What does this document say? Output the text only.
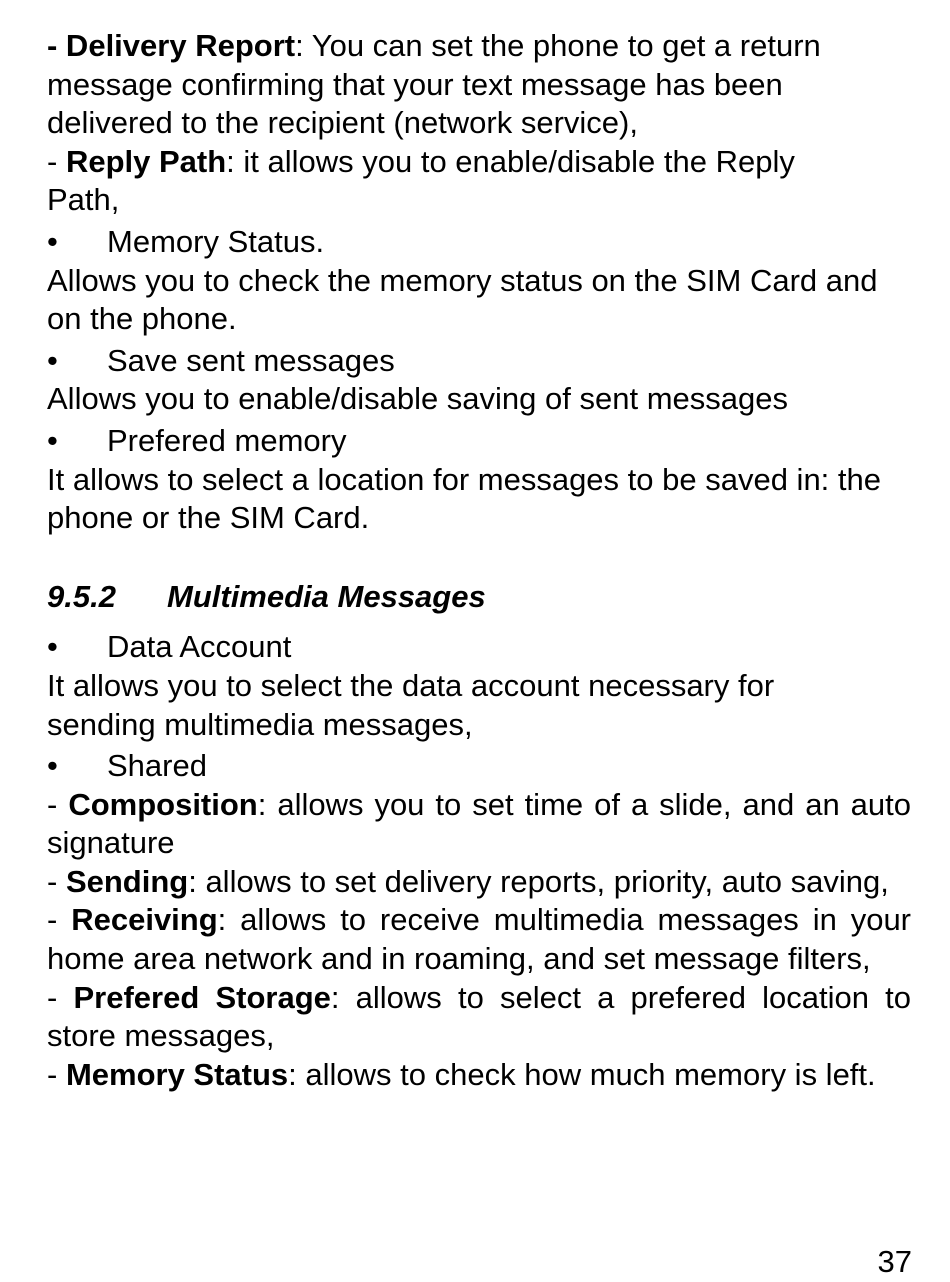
- Delivery Report: You can set the phone to get a return message confirming that your text message has been delivered to the recipient (network service),
- Reply Path: it allows you to enable/disable the Reply Path,
•	Memory Status.
Allows you to check the memory status on the SIM Card and on the phone.
•	Save sent messages
Allows you to enable/disable saving of sent messages
•	Prefered memory
It allows to select a location for messages to be saved in: the phone or the SIM Card.
9.5.2	Multimedia Messages
•	Data Account
It allows you to select the data account necessary for sending multimedia messages,
•	Shared
- Composition: allows you to set time of a slide, and an auto signature
- Sending: allows to set delivery reports, priority, auto saving,
- Receiving: allows to receive multimedia messages in your home area network and in roaming, and set message filters,
- Prefered Storage: allows to select a prefered location to store messages,
- Memory Status: allows to check how much memory is left.
37
